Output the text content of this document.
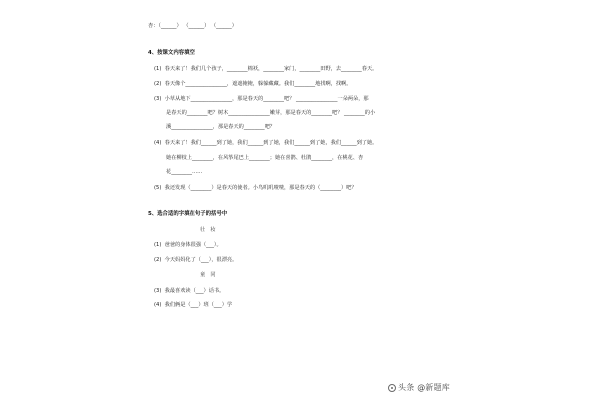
杏：（______） （______） （______）
4、按课文内容填空
(1)  春天来了！我们几个孩子，________棉袄，________家门，________田野，去________春天。
(2)  春天像个________________，遮遮掩掩，躲躲藏藏。我们________地找啊，找啊。
(3)  小草从地下________________，那是春天的________吧？ ________________一朵两朵，那
是春天的________吧？树木________________嫩芽，那是春天的________吧？ ________的小
溪________________，那是春天的________吧？
(4)  春天来了！我们______到了她，我们______到了她，我们______到了她，我们______到了她。
她在柳枝上________，在风筝尾巴上________；她在喜鹊、杜鹃________，在桃花、杏
花________……
(5)  我还发现（________）是春天的使者。小鸟叽叽喳喳，那是春天的（________）吧？
5、选合适的字填在句子的括号中
壮　妆
(1)  爸爸的身体很强（___）。
(2)  今天妈妈化了（___），很漂亮。
童　同
(3)  我最喜欢读（___）话书。
(4)  我们俩是（___）班（___）学
头条 @新题库
